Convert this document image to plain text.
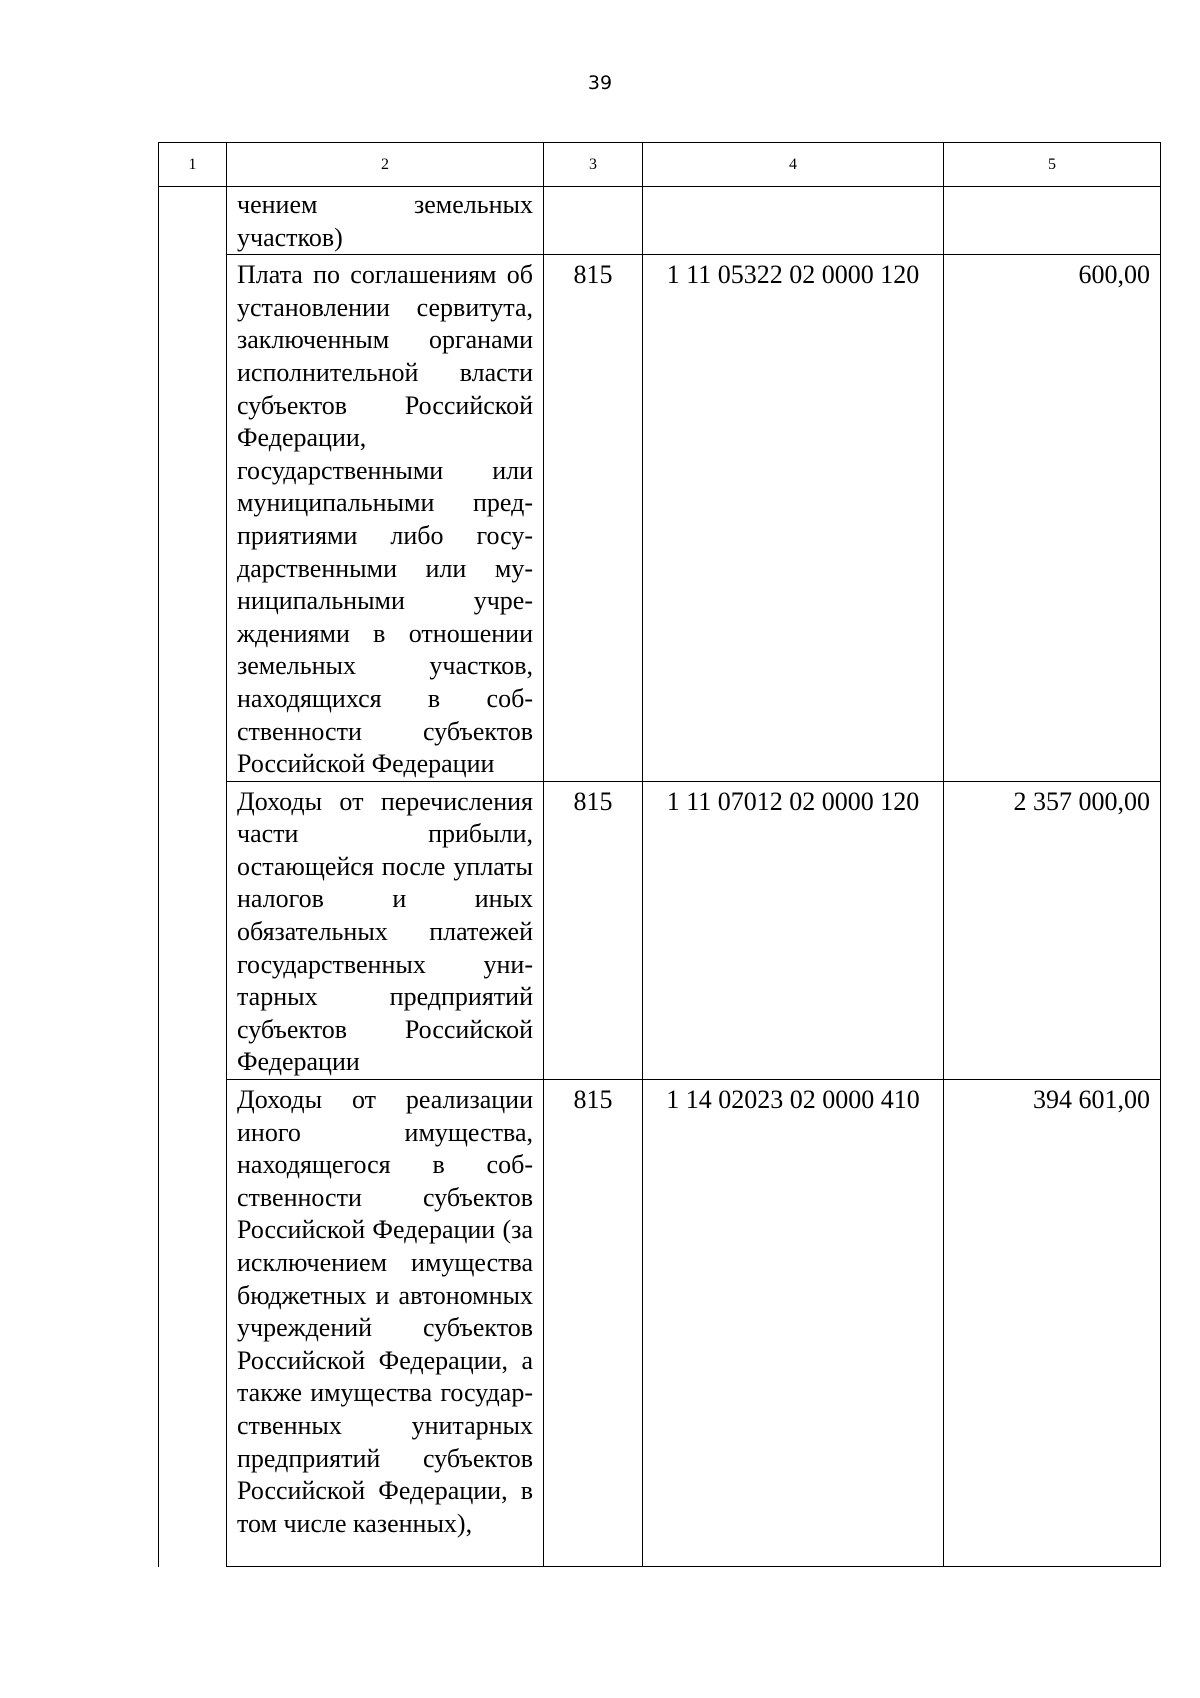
39
1	2	3	4	5
	чением земельных участков)			
	Плата по соглашениям об установлении сервитута, заключенным органами исполнительной власти субъектов Российской Федерации, государственными или муниципальными предприятиями либо государственными или муниципальными учреждениями в отношении земельных участков, находящихся в собственности субъектов Российской Федерации	815	1 11 05322 02 0000 120	600,00
	Доходы от перечисления части прибыли, остающейся после уплаты налогов и иных обязательных платежей государственных унитарных предприятий субъектов Российской Федерации	815	1 11 07012 02 0000 120	2 357 000,00
	Доходы от реализации иного имущества, находящегося в собственности субъектов Российской Федерации (за исключением имущества бюджетных и автономных учреждений субъектов Российской Федерации, а также имущества государственных унитарных предприятий субъектов Российской Федерации, в том числе казенных),	815	1 14 02023 02 0000 410	394 601,00
